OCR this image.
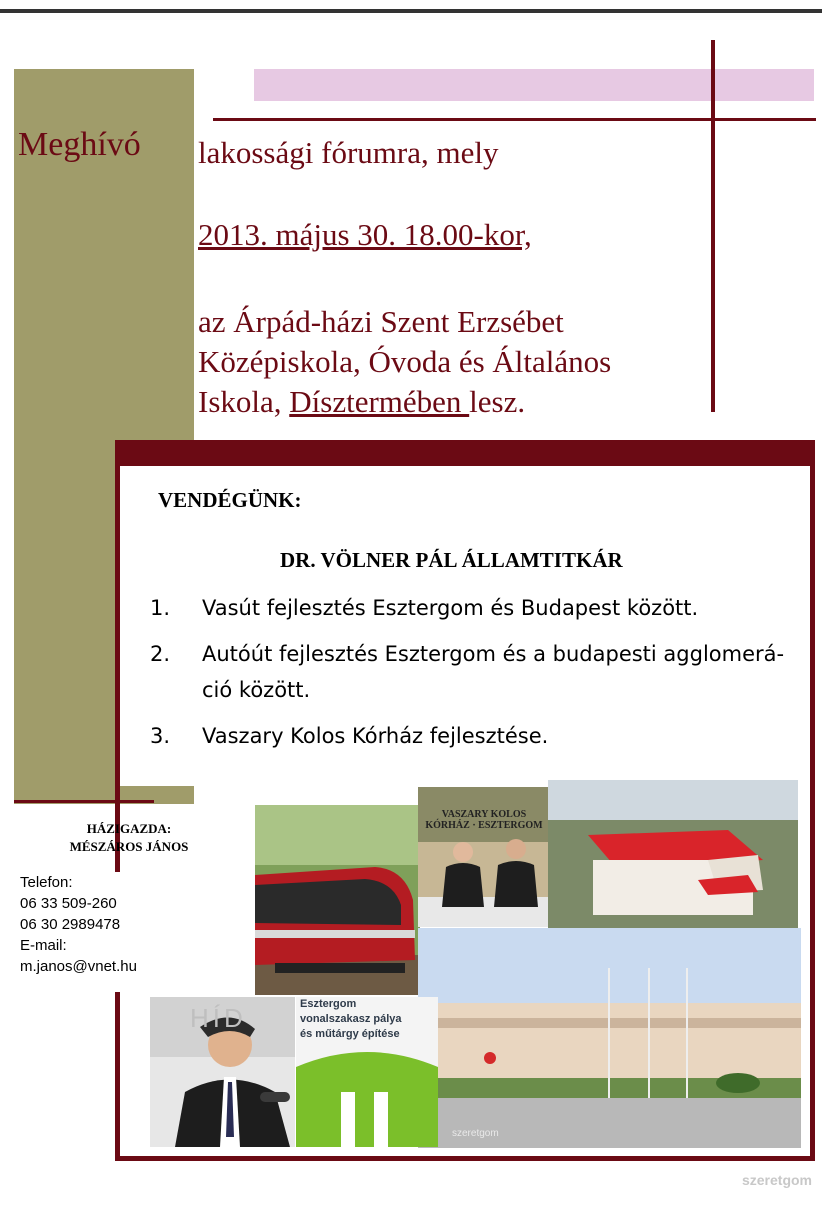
Meghívó lakossági fórumra, mely
2013. május 30. 18.00-kor,
az Árpád-házi Szent Erzsébet
Középiskola, Óvoda és Általános
Iskola, Dísztermében lesz.
VENDÉGÜNK:
DR. VÖLNER PÁL ÁLLAMTITKÁR
1. Vasút fejlesztés Esztergom és Budapest között.
2. Autóút fejlesztés Esztergom és a budapesti agglomerá-ció között.
3. Vaszary Kolos Kórház fejlesztése.
HÁZIGAZDA:
MÉSZÁROS JÁNOS
Telefon:
06 33 509-260
06 30 2989478
E-mail:
m.janos@vnet.hu
VASZARY KOLOS KÓRHÁZ · ESZTERGOM
szeretgom
HÍD	Esztergom
vonalszakasz pálya
és műtárgy építése
szeretgom
